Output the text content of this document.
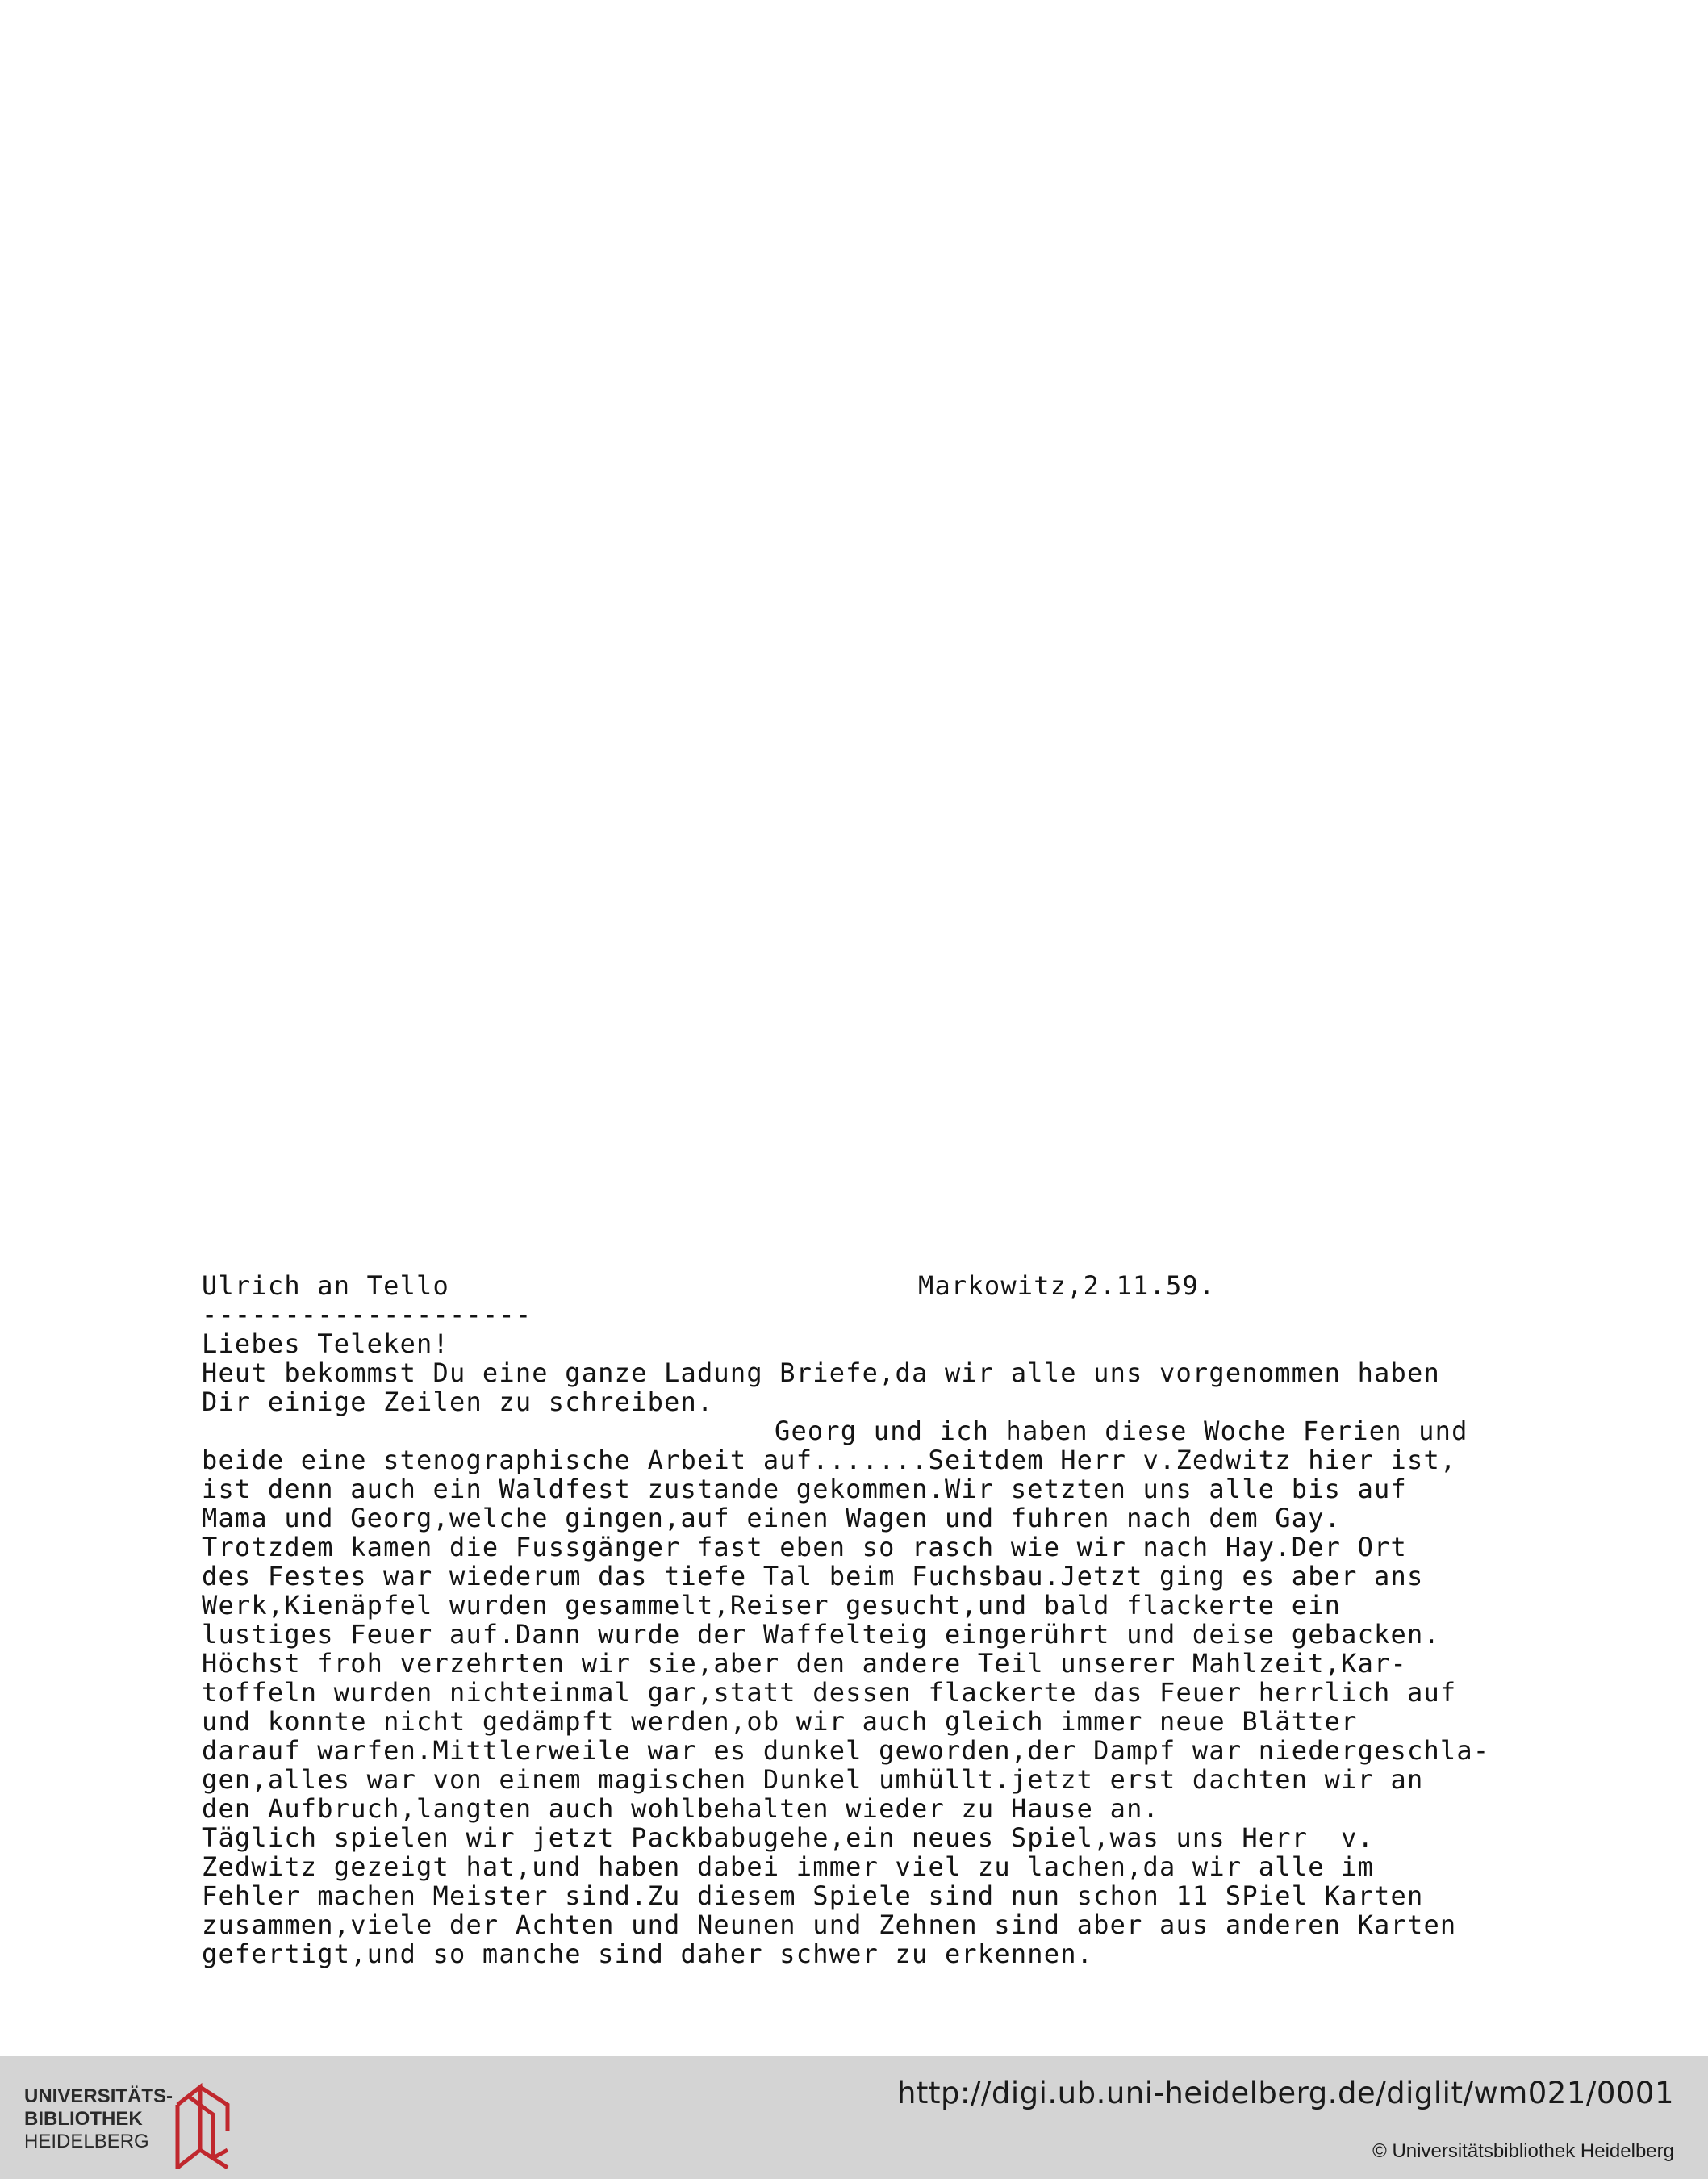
Ulrich an Tello	Markowitz,2.11.59.
--------------------
Liebes Teleken!
Heut bekommst Du eine ganze Ladung Briefe,da wir alle uns vorgenommen haben
Dir einige Zeilen zu schreiben.
Georg und ich haben diese Woche Ferien und
beide eine stenographische Arbeit auf.......Seitdem Herr v.Zedwitz hier ist,
ist denn auch ein Waldfest zustande gekommen.Wir setzten uns alle bis auf
Mama und Georg,welche gingen,auf einen Wagen und fuhren nach dem Gay.
Trotzdem kamen die Fussgänger fast eben so rasch wie wir nach Hay.Der Ort
des Festes war wiederum das tiefe Tal beim Fuchsbau.Jetzt ging es aber ans
Werk,Kienäpfel wurden gesammelt,Reiser gesucht,und bald flackerte ein
lustiges Feuer auf.Dann wurde der Waffelteig eingerührt und deise gebacken.
Höchst froh verzehrten wir sie,aber den andere Teil unserer Mahlzeit,Kar-
toffeln wurden nichteinmal gar,statt dessen flackerte das Feuer herrlich auf
und konnte nicht gedämpft werden,ob wir auch gleich immer neue Blätter
darauf warfen.Mittlerweile war es dunkel geworden,der Dampf war niedergeschla-
gen,alles war von einem magischen Dunkel umhüllt.jetzt erst dachten wir an
den Aufbruch,langten auch wohlbehalten wieder zu Hause an.
Täglich spielen wir jetzt Packbabugehe,ein neues Spiel,was uns Herr  v.
Zedwitz gezeigt hat,und haben dabei immer viel zu lachen,da wir alle im
Fehler machen Meister sind.Zu diesem Spiele sind nun schon 11 SPiel Karten
zusammen,viele der Achten und Neunen und Zehnen sind aber aus anderen Karten
gefertigt,und so manche sind daher schwer zu erkennen.
UNIVERSITÄTS-
BIBLIOTHEK
HEIDELBERG
http://digi.ub.uni-heidelberg.de/diglit/wm021/0001
© Universitätsbibliothek Heidelberg
